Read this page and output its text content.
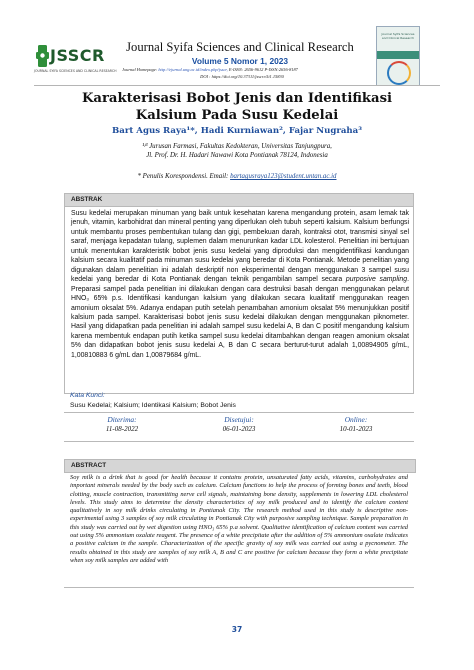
JSSCR
JOURNAL SYIFA SCIENCES AND CLINICAL RESEARCH
Journal Syifa Sciences and Clinical Research
Volume 5 Nomor 1, 2023
Journal Homepage: http://ejurnal.ung.ac.id/index.php/jsscr, E-ISSN: 2656-9612 P-ISSN:2656-8187
DOI : https://doi.org/10.37311/jsscr.v5i1.15830
Journal Syifa Sciences and Clinical Research
Karakterisasi Bobot Jenis dan Identifikasi Kalsium Pada Susu Kedelai
Bart Agus Raya¹*, Hadi Kurniawan², Fajar Nugraha³
¹ʲ³ Jurusan Farmasi, Fakultas Kedokteran, Universitas Tanjungpura,
Jl. Prof. Dr. H. Hadari Nawawi Kota Pontianak 78124, Indonesia
* Penulis Korespondensi. Email: bartagusraya123@student.untan.ac.id
ABSTRAK
Susu kedelai merupakan minuman yang baik untuk kesehatan karena mengandung protein, asam lemak tak jenuh, vitamin, karbohidrat dan mineral penting yang diperlukan oleh tubuh seperti kalsium. Kalsium berfungsi untuk membantu proses pembentukan tulang dan gigi, pembekuan darah, kontraksi otot, transmisi sinyal sel saraf, menjaga kepadatan tulang, suplemen dalam menurunkan kadar LDL kolesterol. Penelitian ini bertujuan untuk menentukan karakteristik bobot jenis susu kedelai yang diproduksi dan mengidentifikasi kandungan kalsium secara kualitatif pada minuman susu kedelai yang beredar di Kota Pontianak. Metode penelitian yang digunakan dalam penelitian ini adalah deskriptif non eksperimental dengan menggunakan 3 sampel susu kedelai yang beredar di Kota Pontianak dengan teknik pengambilan sampel secara purposive sampling. Preparasi sampel pada penelitian ini dilakukan dengan cara destruksi basah dengan menggunakan pelarut HNO₃ 65% p.s. Identifikasi kandungan kalsium yang dilakukan secara kualitatif menggunakan reagen amonium oksalat 5%. Adanya endapan putih setelah penambahan amonium oksalat 5% menunjukkan positif kalsium pada sampel. Karakterisasi bobot jenis susu kedelai dilakukan dengan menggunakan piknometer. Hasil yang didapatkan pada penelitian ini adalah sampel susu kedelai A, B dan C positif mengandung kalsium karena membentuk endapan putih ketika sampel susu kedelai ditambahkan dengan reagen amonium oksalat 5% dan didapatkan bobot jenis susu kedelai A, B dan C secara berturut-turut adalah 1,00894905 g/mL, 1,00810883 6 g/mL dan 1,00879684 g/mL.
Kata Kunci:
Susu Kedelai; Kalsium; Identikasi Kalsium; Bobot Jenis
Diterima:
11-08-2022
Disetujui:
06-01-2023
Online:
10-01-2023
ABSTRACT
Soy milk is a drink that is good for health because it contains protein, unsaturated fatty acids, vitamins, carbohydrates and important minerals needed by the body such as calcium. Calcium functions to help the process of forming bones and teeth, blood clotting, muscle contraction, transmitting nerve cell signals, maintaining bone density, supplements in lowering LDL cholesterol levels. This study aims to determine the density characteristics of soy milk produced and to identify the calcium content qualitatively in soy milk drinks circulating in Pontianak City. The research method used in this study is descriptive non-experimental using 3 samples of soy milk circulating in Pontianak City with purposive sampling technique. Sample preparation in this study was carried out by wet digestion using HNO₃ 65% p.a solvent. Qualitative identification of calcium content was carried out using 5% ammonium oxalate reagent. The presence of a white precipitate after the addition of 5% ammonium oxalate indicates a positive calcium in the sample. Characterization of the specific gravity of soy milk was carried out using a pycnometer. The results obtained in this study are samples of soy milk A, B and C are positive for calcium because they form a white precipitate when soy milk samples are added with
37
